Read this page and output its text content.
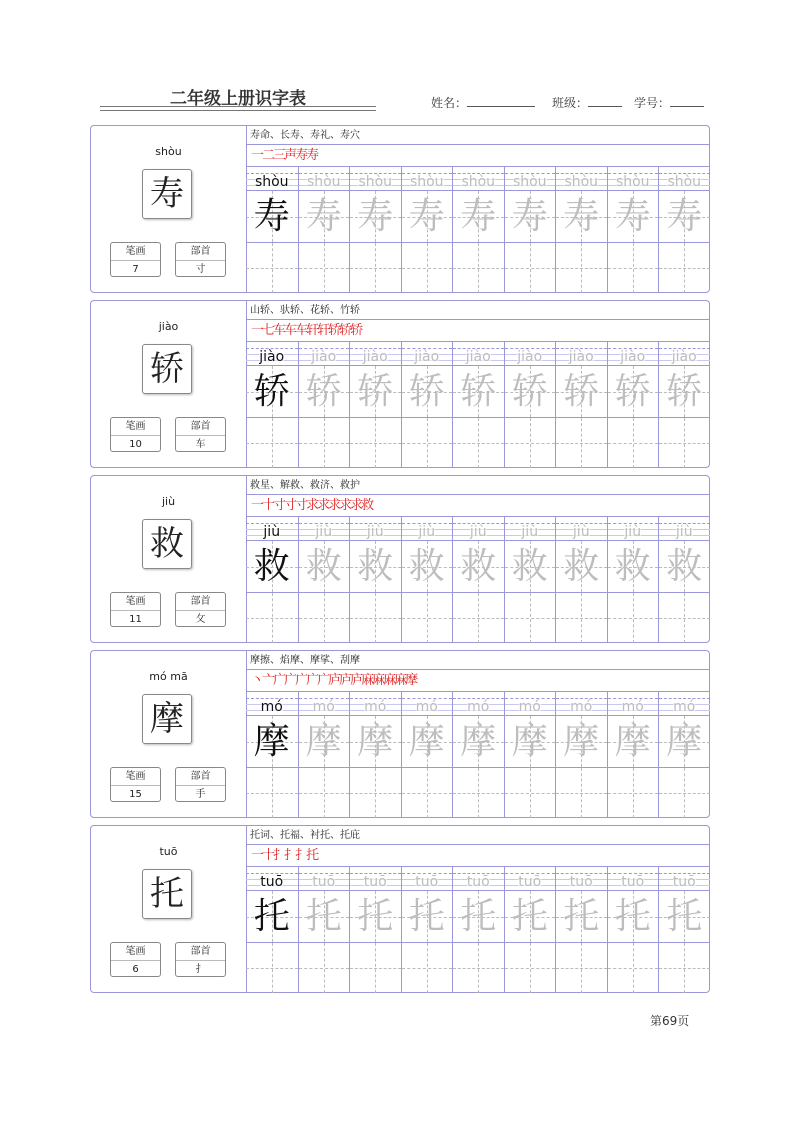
二年级上册识字表	姓名：	班级：	学号：
shòu
寿
笔画
7
部首
寸
寿命、长寿、寿礼、寿穴
一二三声寿寿
shòu
寿
shòu
寿
shòu
寿
shòu
寿
shòu
寿
shòu
寿
shòu
寿
shòu
寿
shòu
寿
jiào
轿
笔画
10
部首
车
山轿、驮轿、花轿、竹轿
一七车车车轩轩轿轿轿
jiào
轿
jiào
轿
jiào
轿
jiào
轿
jiào
轿
jiào
轿
jiào
轿
jiào
轿
jiào
轿
jiù
救
笔画
11
部首
攵
救星、解救、救济、救护
一十寸寸寸求求求求求救
jiù
救
jiù
救
jiù
救
jiù
救
jiù
救
jiù
救
jiù
救
jiù
救
jiù
救
mó mā
摩
笔画
15
部首
手
摩擦、焰摩、摩挲、刮摩
丶亠广广广广广庐庐庐麻麻麻麻摩
mó
摩
mó
摩
mó
摩
mó
摩
mó
摩
mó
摩
mó
摩
mó
摩
mó
摩
tuō
托
笔画
6
部首
扌
托词、托福、衬托、托庇
一十扌扌扌托
tuō
托
tuō
托
tuō
托
tuō
托
tuō
托
tuō
托
tuō
托
tuō
托
tuō
托
第69页
